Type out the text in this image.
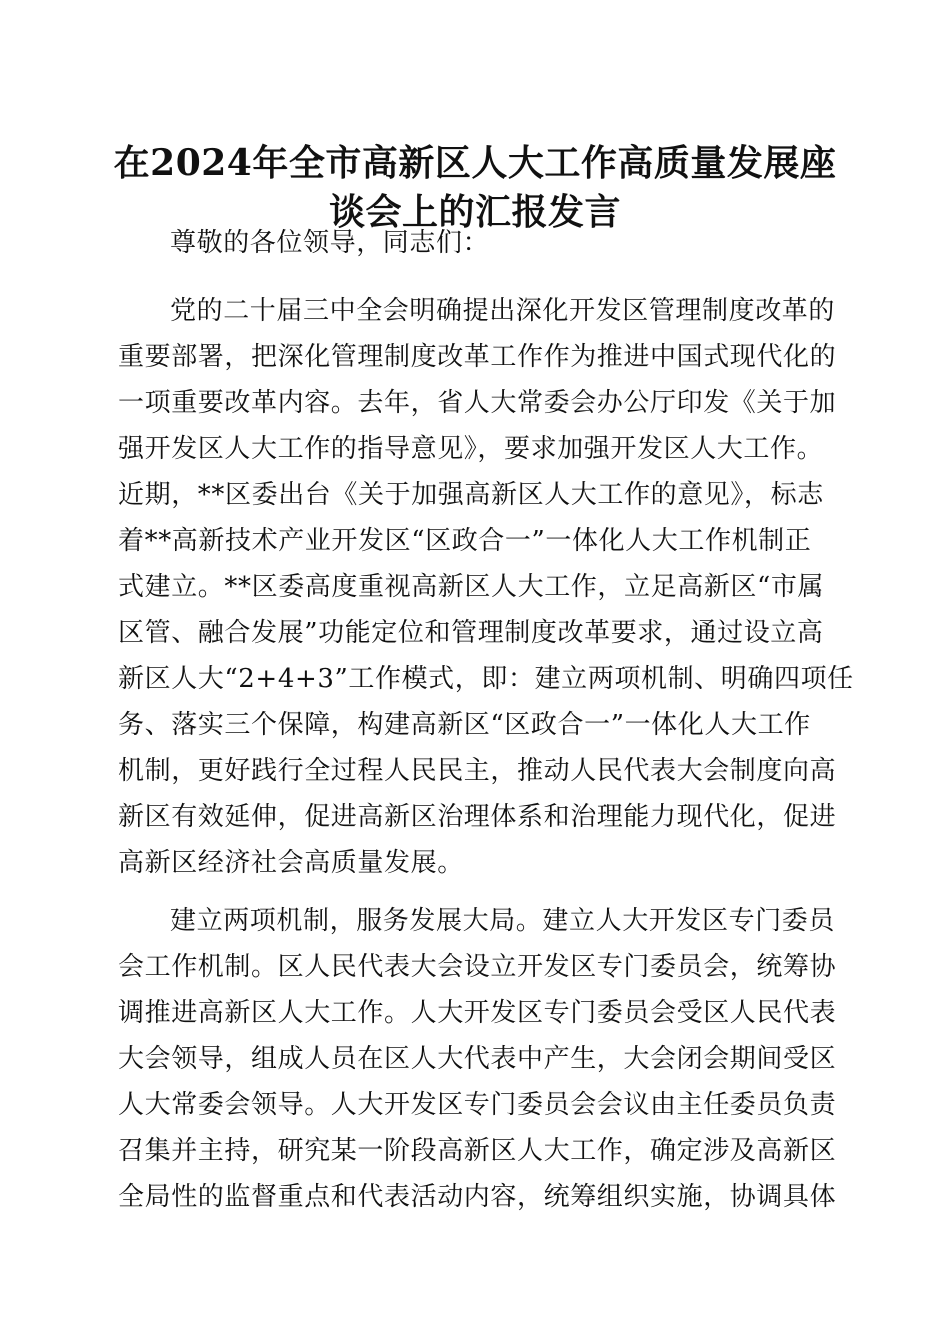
在2024年全市高新区人大工作高质量发展座
谈会上的汇报发言
尊敬的各位领导，同志们：
党的二十届三中全会明确提出深化开发区管理制度改革的
重要部署，把深化管理制度改革工作作为推进中国式现代化的
一项重要改革内容。去年，省人大常委会办公厅印发《关于加
强开发区人大工作的指导意见》，要求加强开发区人大工作。
近期，**区委出台《关于加强高新区人大工作的意见》，标志
着**高新技术产业开发区“区政合一”一体化人大工作机制正
式建立。**区委高度重视高新区人大工作，立足高新区“市属
区管、融合发展”功能定位和管理制度改革要求，通过设立高
新区人大“2+4+3”工作模式，即：建立两项机制、明确四项任
务、落实三个保障，构建高新区“区政合一”一体化人大工作
机制，更好践行全过程人民民主，推动人民代表大会制度向高
新区有效延伸，促进高新区治理体系和治理能力现代化，促进
高新区经济社会高质量发展。
建立两项机制，服务发展大局。建立人大开发区专门委员
会工作机制。区人民代表大会设立开发区专门委员会，统筹协
调推进高新区人大工作。人大开发区专门委员会受区人民代表
大会领导，组成人员在区人大代表中产生，大会闭会期间受区
人大常委会领导。人大开发区专门委员会会议由主任委员负责
召集并主持，研究某一阶段高新区人大工作，确定涉及高新区
全局性的监督重点和代表活动内容，统筹组织实施，协调具体
